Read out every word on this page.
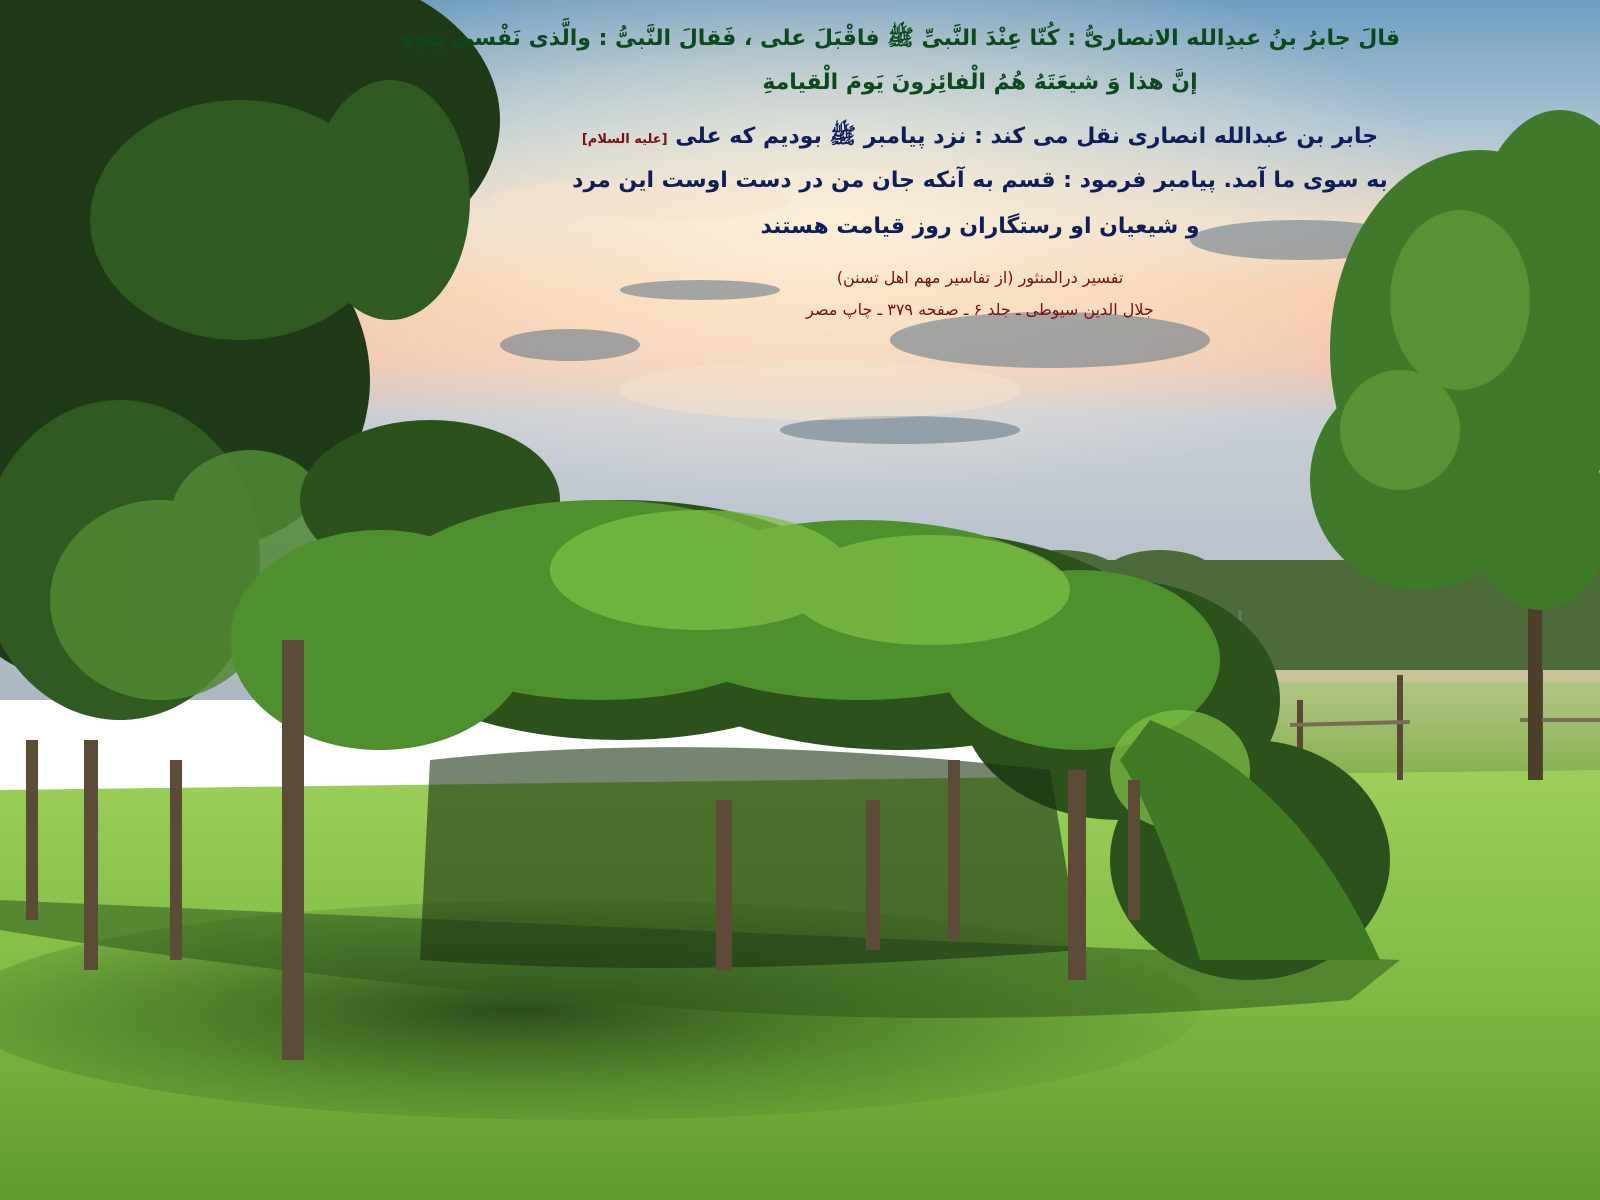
قالَ جابرُ بنُ عبدِالله الانصاریُّ : کُنّا عِنْدَ النَّبیِّ ﷺ فاقْبَلَ علی ، فَقالَ النَّبیُّ : والَّذی نَفْسی بِیَدِهِ
إنَّ هذا وَ شیعَتَهُ هُمُ الْفائِزونَ یَومَ الْقیامةِ
جابر بن عبدالله انصاری نقل می کند : نزد پیامبر ﷺ بودیم که علی [علیه السلام]
به سوی ما آمد. پیامبر فرمود : قسم به آنکه جان من در دست اوست این مرد
و شیعیان او رستگاران روز قیامت هستند
تفسیر درالمنثور (از تفاسیر مهم اهل تسنن)
جلال الدین سیوطی ـ جلد ۶ ـ صفحه ۳۷۹ ـ چاپ مصر
